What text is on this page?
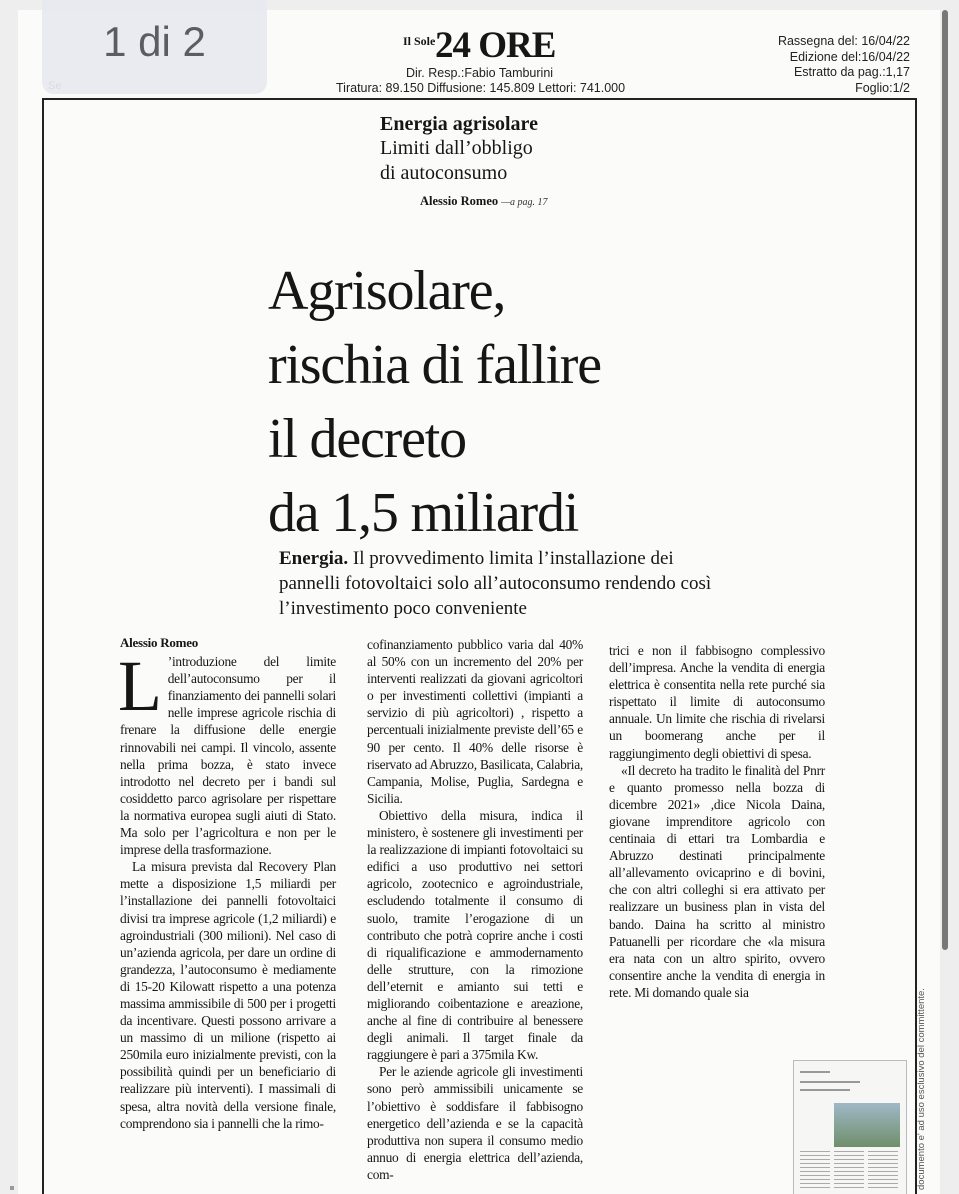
Il Sole 24 ORE
Dir. Resp.:Fabio Tamburini
Tiratura: 89.150 Diffusione: 145.809 Lettori: 741.000
Rassegna del: 16/04/22
Edizione del:16/04/22
Estratto da pag.:1,17
Foglio:1/2
Energia agrisolare
Limiti dall’obbligo
di autoconsumo
Alessio Romeo —a pag. 17
Agrisolare,
rischia di fallire
il decreto
da 1,5 miliardi
Energia. Il provvedimento limita l’installazione dei pannelli fotovoltaici solo all’autoconsumo rendendo così l’investimento poco conveniente
Alessio Romeo
L ’introduzione del limite dell’autoconsumo per il finanziamento dei pannelli solari nelle imprese agricole rischia di frenare la diffusione delle energie rinnovabili nei campi. Il vincolo, assente nella prima bozza, è stato invece introdotto nel decreto per i bandi sul cosiddetto parco agrisolare per rispettare la normativa europea sugli aiuti di Stato. Ma solo per l’agricoltura e non per le imprese della trasformazione.

La misura prevista dal Recovery Plan mette a disposizione 1,5 miliardi per l’installazione dei pannelli fotovoltaici divisi tra imprese agricole (1,2 miliardi) e agroindustriali (300 milioni). Nel caso di un’azienda agricola, per dare un ordine di grandezza, l’autoconsumo è mediamente di 15-20 Kilowatt rispetto a una potenza massima ammissibile di 500 per i progetti da incentivare. Questi possono arrivare a un massimo di un milione (rispetto ai 250mila euro inizialmente previsti, con la possibilità quindi per un beneficiario di realizzare più interventi). I massimali di spesa, altra novità della versione finale, comprendono sia i pannelli che la rimo-

cofinanziamento pubblico varia dal 40% al 50% con un incremento del 20% per interventi realizzati da giovani agricoltori o per investimenti collettivi (impianti a servizio di più agricoltori) , rispetto a percentuali inizialmente previste dell’65 e 90 per cento. Il 40% delle risorse è riservato ad Abruzzo, Basilicata, Calabria, Campania, Molise, Puglia, Sardegna e Sicilia.

Obiettivo della misura, indica il ministero, è sostenere gli investimenti per la realizzazione di impianti fotovoltaici su edifici a uso produttivo nei settori agricolo, zootecnico e agroindustriale, escludendo totalmente il consumo di suolo, tramite l’erogazione di un contributo che potrà coprire anche i costi di riqualificazione e ammodernamento delle strutture, con la rimozione dell’eternit e amianto sui tetti e migliorando coibentazione e areazione, anche al fine di contribuire al benessere degli animali. Il target finale da raggiungere è pari a 375mila Kw.

Per le aziende agricole gli investimenti sono però ammissibili unicamente se l’obiettivo è soddisfare il fabbisogno energetico dell’azienda e se la capacità produttiva non supera il consumo medio annuo di energia elettrica dell’azienda, com-

trici e non il fabbisogno complessivo dell’impresa. Anche la vendita di energia elettrica è consentita nella rete purché sia rispettato il limite di autoconsumo annuale. Un limite che rischia di rivelarsi un boomerang anche per il raggiungimento degli obiettivi di spesa.

«Il decreto ha tradito le finalità del Pnrr e quanto promesso nella bozza di dicembre 2021» ,dice Nicola Daina, giovane imprenditore agricolo con centinaia di ettari tra Lombardia e Abruzzo destinati principalmente all’allevamento ovicaprino e di bovini, che con altri colleghi si era attivato per realizzare un business plan in vista del bando. Daina ha scritto al ministro Patuanelli per ricordare che «la misura era nata con un altro spirito, ovvero consentire anche la vendita di energia in rete. Mi domando quale sia	documento e' ad uso esclusivo del committente.
1 di 2
